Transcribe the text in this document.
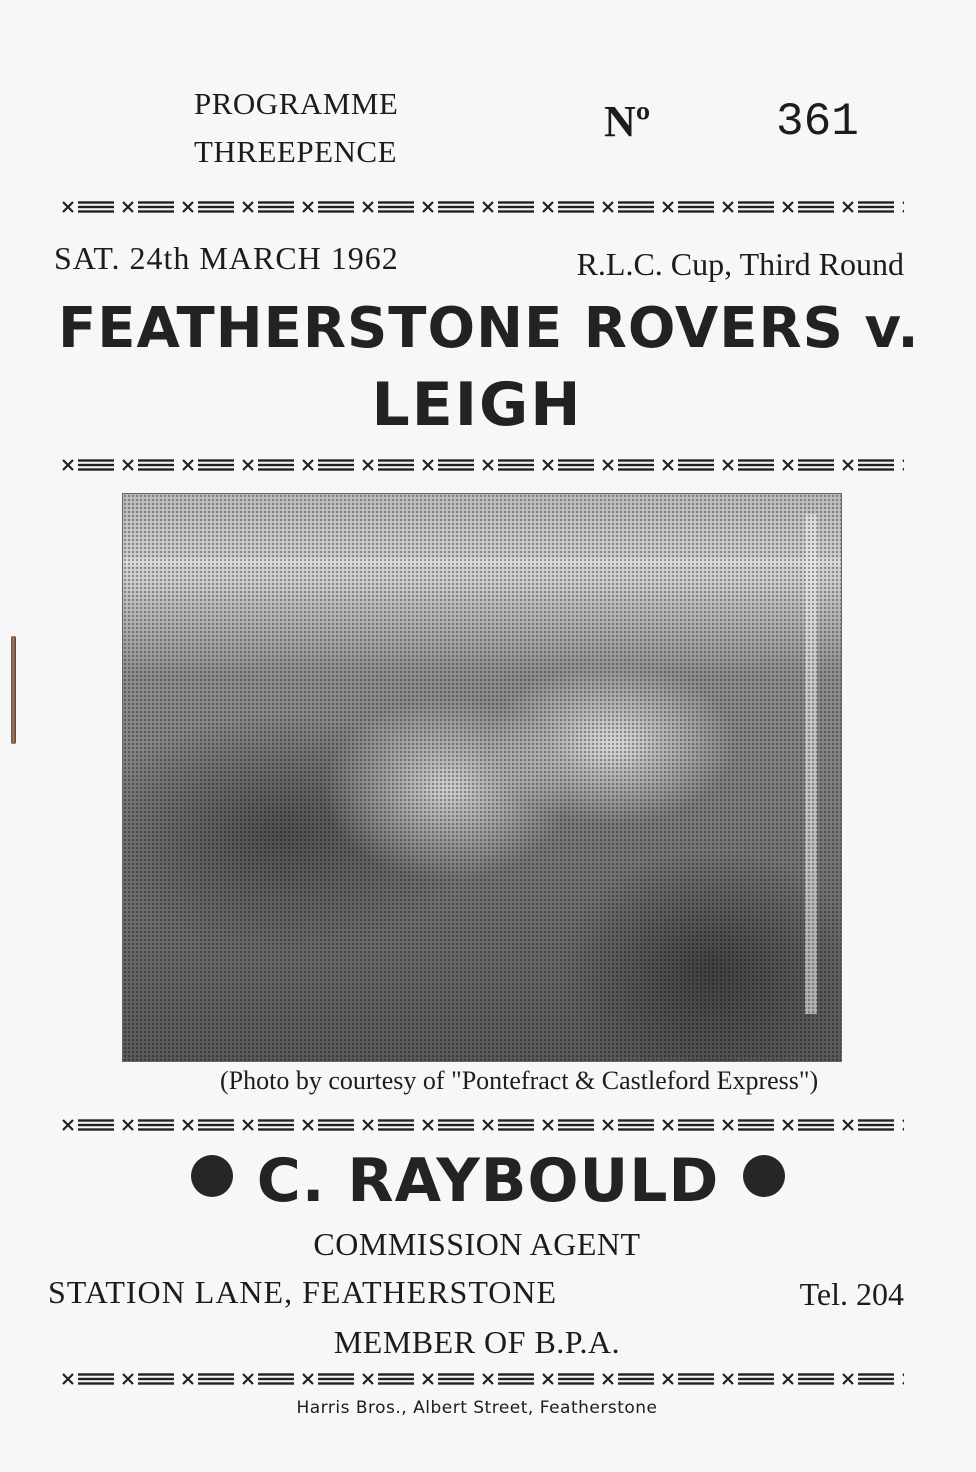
PROGRAMME
THREEPENCE
Nº	361
SAT. 24th MARCH 1962	R.L.C. Cup, Third Round
FEATHERSTONE ROVERS v.
LEIGH
(Photo by courtesy of "Pontefract & Castleford Express")
C. RAYBOULD
COMMISSION AGENT
STATION LANE, FEATHERSTONE	Tel. 204
MEMBER OF B.P.A.
Harris Bros., Albert Street, Featherstone
